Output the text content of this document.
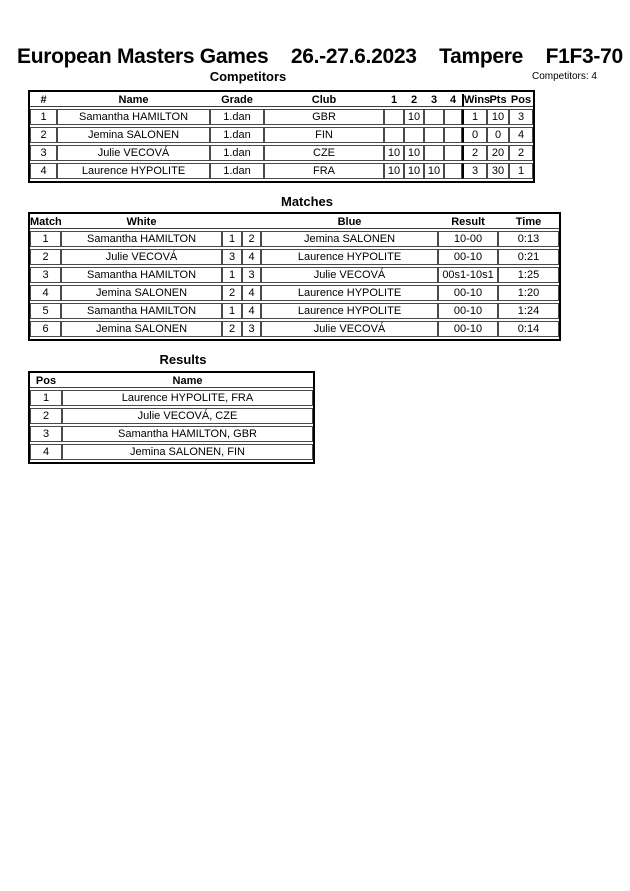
European Masters Games 26.-27.6.2023 Tampere F1F3-70
Competitors	Competitors: 4
#	Name	Grade	Club	1	2	3	4	Wins	Pts	Pos
1	Samantha HAMILTON	1.dan	GBR		10			1	10	3
2	Jemina SALONEN	1.dan	FIN					0	0	4
3	Julie VECOVÁ	1.dan	CZE	10	10			2	20	2
4	Laurence HYPOLITE	1.dan	FRA	10	10	10		3	30	1
Matches
Match	White			Blue	Result	Time
1	Samantha HAMILTON	1	2	Jemina SALONEN	10-00	0:13
2	Julie VECOVÁ	3	4	Laurence HYPOLITE	00-10	0:21
3	Samantha HAMILTON	1	3	Julie VECOVÁ	00s1-10s1	1:25
4	Jemina SALONEN	2	4	Laurence HYPOLITE	00-10	1:20
5	Samantha HAMILTON	1	4	Laurence HYPOLITE	00-10	1:24
6	Jemina SALONEN	2	3	Julie VECOVÁ	00-10	0:14
Results
Pos	Name
1	Laurence HYPOLITE, FRA
2	Julie VECOVÁ, CZE
3	Samantha HAMILTON, GBR
4	Jemina SALONEN, FIN
